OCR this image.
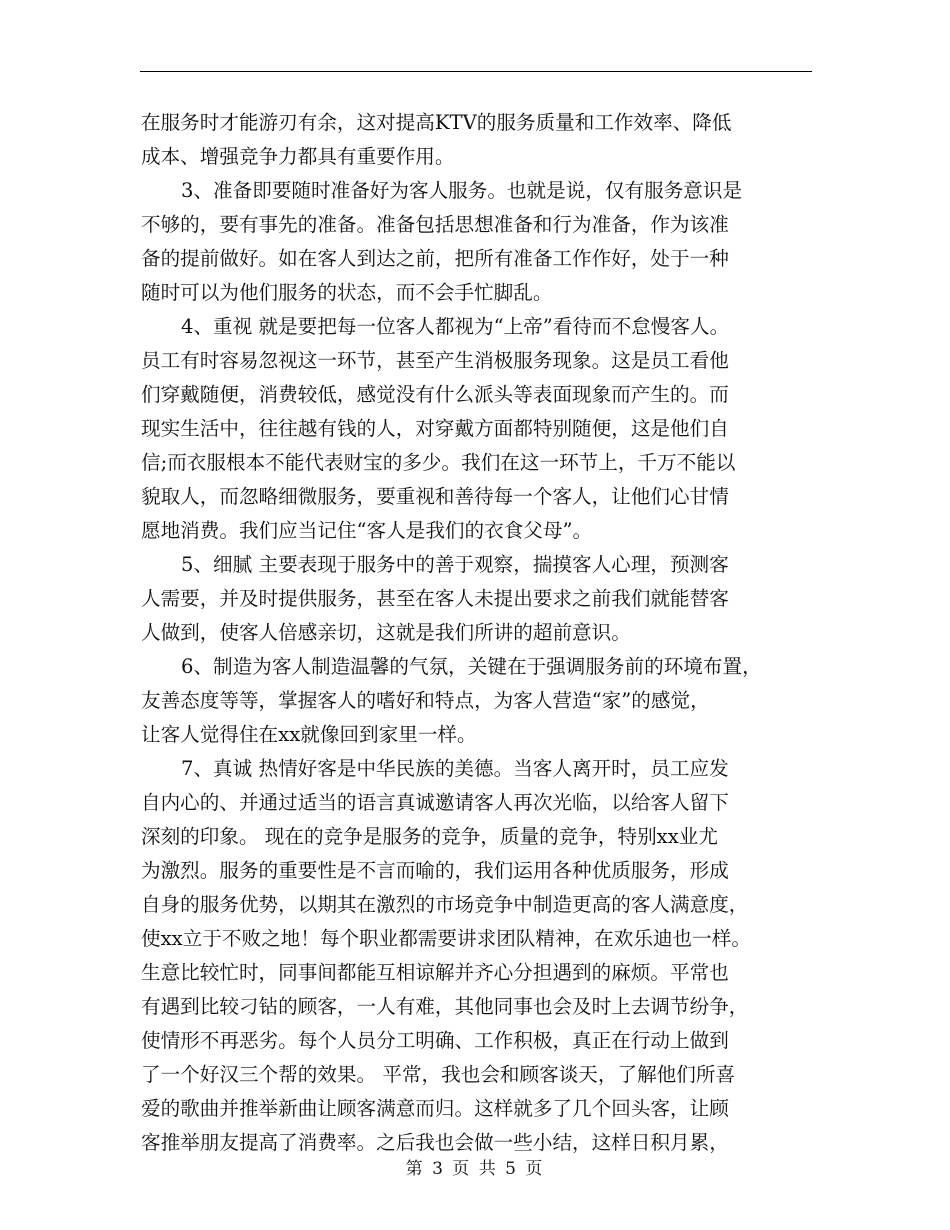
在服务时才能游刃有余，这对提高KTV的服务质量和工作效率、降低
成本、增强竞争力都具有重要作用。
3、准备即要随时准备好为客人服务。也就是说，仅有服务意识是
不够的，要有事先的准备。准备包括思想准备和行为准备，作为该准
备的提前做好。如在客人到达之前，把所有准备工作作好，处于一种
随时可以为他们服务的状态，而不会手忙脚乱。
4、重视 就是要把每一位客人都视为“上帝”看待而不怠慢客人。
员工有时容易忽视这一环节，甚至产生消极服务现象。这是员工看他
们穿戴随便，消费较低，感觉没有什么派头等表面现象而产生的。而
现实生活中，往往越有钱的人，对穿戴方面都特别随便，这是他们自
信;而衣服根本不能代表财宝的多少。我们在这一环节上，千万不能以
貌取人，而忽略细微服务，要重视和善待每一个客人，让他们心甘情
愿地消费。我们应当记住“客人是我们的衣食父母”。
5、细腻 主要表现于服务中的善于观察，揣摸客人心理，预测客
人需要，并及时提供服务，甚至在客人未提出要求之前我们就能替客
人做到，使客人倍感亲切，这就是我们所讲的超前意识。
6、制造为客人制造温馨的气氛，关键在于强调服务前的环境布置，
友善态度等等，掌握客人的嗜好和特点，为客人营造“家”的感觉，
让客人觉得住在xx就像回到家里一样。
7、真诚 热情好客是中华民族的美德。当客人离开时，员工应发
自内心的、并通过适当的语言真诚邀请客人再次光临，以给客人留下
深刻的印象。 现在的竞争是服务的竞争，质量的竞争，特别xx业尤
为激烈。服务的重要性是不言而喻的，我们运用各种优质服务，形成
自身的服务优势，以期其在激烈的市场竞争中制造更高的客人满意度，
使xx立于不败之地！每个职业都需要讲求团队精神，在欢乐迪也一样。
生意比较忙时，同事间都能互相谅解并齐心分担遇到的麻烦。平常也
有遇到比较刁钻的顾客，一人有难，其他同事也会及时上去调节纷争，
使情形不再恶劣。每个人员分工明确、工作积极，真正在行动上做到
了一个好汉三个帮的效果。 平常，我也会和顾客谈天，了解他们所喜
爱的歌曲并推举新曲让顾客满意而归。这样就多了几个回头客，让顾
客推举朋友提高了消费率。之后我也会做一些小结，这样日积月累，
第 3 页 共 5 页
